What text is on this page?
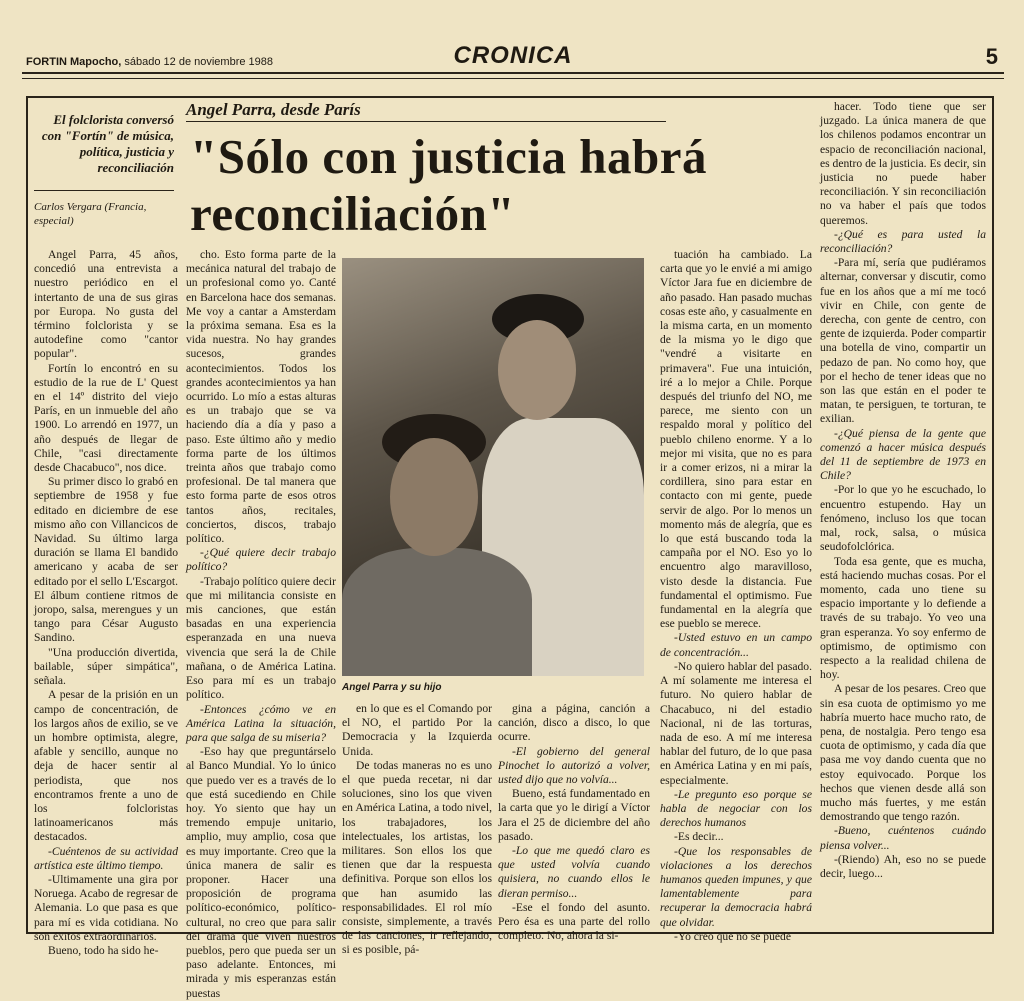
FORTIN Mapocho, sábado 12 de noviembre 1988	CRONICA	5
Angel Parra, desde París
"Sólo con justicia habrá reconciliación"
El folclorista conversó con "Fortín" de música, política, justicia y reconciliación
Carlos Vergara (Francia, especial)

Angel Parra, 45 años, concedió una entrevista a nuestro periódico en el intertanto de una de sus giras por Europa. No gusta del término folclorista y se autodefine como "cantor popular".

Fortín lo encontró en su estudio de la rue de L' Quest en el 14º distrito del viejo París, en un inmueble del año 1900. Lo arrendó en 1977, un año después de llegar de Chile, "casi directamente desde Chacabuco", nos dice.

Su primer disco lo grabó en septiembre de 1958 y fue editado en diciembre de ese mismo año con Villancicos de Navidad. Su último larga duración se llama El bandido americano y acaba de ser editado por el sello L'Escargot. El álbum contiene ritmos de joropo, salsa, merengues y un tango para César Augusto Sandino.

"Una producción divertida, bailable, súper simpática", señala.

A pesar de la prisión en un campo de concentración, de los largos años de exilio, se ve un hombre optimista, alegre, afable y sencillo, aunque no deja de hacer sentir al periodista, que nos encontramos frente a uno de los folcloristas latinoamericanos más destacados.

-Cuéntenos de su actividad artística este último tiempo.

-Ultimamente una gira por Noruega. Acabo de regresar de Alemania. Lo que pasa es que para mí es vida cotidiana. No son éxitos extraordinarios.

Bueno, todo ha sido he-

cho. Esto forma parte de la mecánica natural del trabajo de un profesional como yo. Canté en Barcelona hace dos semanas. Me voy a cantar a Amsterdam la próxima semana. Esa es la vida nuestra. No hay grandes sucesos, grandes acontecimientos. Todos los grandes acontecimientos ya han ocurrido. Lo mío a estas alturas es un trabajo que se va haciendo día a día y paso a paso. Este último año y medio forma parte de los últimos treinta años que trabajo como profesional. De tal manera que esto forma parte de esos otros tantos años, recitales, conciertos, discos, trabajo político.

-¿Qué quiere decir trabajo político?

-Trabajo político quiere decir que mi militancia consiste en mis canciones, que están basadas en una experiencia esperanzada en una nueva vivencia que será la de Chile mañana, o de América Latina. Eso para mí es un trabajo político.

-Entonces ¿cómo ve en América Latina la situación, para que salga de su miseria?

-Eso hay que preguntárselo al Banco Mundial. Yo lo único que puedo ver es a través de lo que está sucediendo en Chile hoy. Yo siento que hay un tremendo empuje unitario, amplio, muy amplio, cosa que es muy importante. Creo que la única manera de salir es proponer. Hacer una proposición de programa político-económico, político-cultural, no creo que para salir del drama que viven nuestros pueblos, pero que pueda ser un paso adelante. Entonces, mi mirada y mis esperanzas están puestas

Angel Parra y su hijo

en lo que es el Comando por el NO, el partido Por la Democracia y la Izquierda Unida.

De todas maneras no es uno el que pueda recetar, ni dar soluciones, sino los que viven en América Latina, a todo nivel, los trabajadores, los intelectuales, los artistas, los militares. Son ellos los que tienen que dar la respuesta definitiva. Porque son ellos los que han asumido las responsabilidades. El rol mío consiste, simplemente, a través de las canciones, ir reflejando, si es posible, pá-

gina a página, canción a canción, disco a disco, lo que ocurre.

-El gobierno del general Pinochet lo autorizó a volver, usted dijo que no volvía...

Bueno, está fundamentado en la carta que yo le dirigí a Víctor Jara el 25 de diciembre del año pasado.

-Lo que me quedó claro es que usted volvía cuando quisiera, no cuando ellos le dieran permiso...

-Ese el fondo del asunto. Pero ésa es una parte del rollo completo. No, ahora la si-

tuación ha cambiado. La carta que yo le envié a mi amigo Víctor Jara fue en diciembre de año pasado. Han pasado muchas cosas este año, y casualmente en la misma carta, en un momento de la misma yo le digo que "vendré a visitarte en primavera". Fue una intuición, iré a lo mejor a Chile. Porque después del triunfo del NO, me parece, me siento con un respaldo moral y político del pueblo chileno enorme. Y a lo mejor mi visita, que no es para ir a comer erizos, ni a mirar la cordillera, sino para estar en contacto con mi gente, puede servir de algo. Por lo menos un momento más de alegría, que es lo que está buscando toda la campaña por el NO. Eso yo lo encuentro algo maravilloso, visto desde la distancia. Fue fundamental el optimismo. Fue fundamental en la alegría que ese pueblo se merece.

-Usted estuvo en un campo de concentración...

-No quiero hablar del pasado. A mí solamente me interesa el futuro. No quiero hablar de Chacabuco, ni del estadio Nacional, ni de las torturas, nada de eso. A mí me interesa hablar del futuro, de lo que pasa en América Latina y en mi país, especialmente.

-Le pregunto eso porque se habla de negociar con los derechos humanos

-Es decir...

-Que los responsables de violaciones a los derechos humanos queden impunes, y que lamentablemente para recuperar la democracia habrá que olvidar.

-Yo creo que no se puede

hacer. Todo tiene que ser juzgado. La única manera de que los chilenos podamos encontrar un espacio de reconciliación nacional, es dentro de la justicia. Es decir, sin justicia no puede haber reconciliación. Y sin reconciliación no va haber el país que todos queremos.

-¿Qué es para usted la reconciliación?

-Para mí, sería que pudiéramos alternar, conversar y discutir, como fue en los años que a mí me tocó vivir en Chile, con gente de derecha, con gente de centro, con gente de izquierda. Poder compartir una botella de vino, compartir un pedazo de pan. No como hoy, que por el hecho de tener ideas que no son las que están en el poder te matan, te persiguen, te torturan, te exilian.

-¿Qué piensa de la gente que comenzó a hacer música después del 11 de septiembre de 1973 en Chile?

-Por lo que yo he escuchado, lo encuentro estupendo. Hay un fenómeno, incluso los que tocan mal, rock, salsa, o música seudofolclórica.

Toda esa gente, que es mucha, está haciendo muchas cosas. Por el momento, cada uno tiene su espacio importante y lo defiende a través de su trabajo. Yo veo una gran esperanza. Yo soy enfermo de optimismo, de optimismo con respecto a la realidad chilena de hoy.

A pesar de los pesares. Creo que sin esa cuota de optimismo yo me habría muerto hace mucho rato, de pena, de nostalgia. Pero tengo esa cuota de optimismo, y cada día que pasa me voy dando cuenta que no estoy equivocado. Porque los hechos que vienen desde allá son mucho más fuertes, y me están demostrando que tengo razón.

-Bueno, cuéntenos cuándo piensa volver...

-(Riendo) Ah, eso no se puede decir, luego...
